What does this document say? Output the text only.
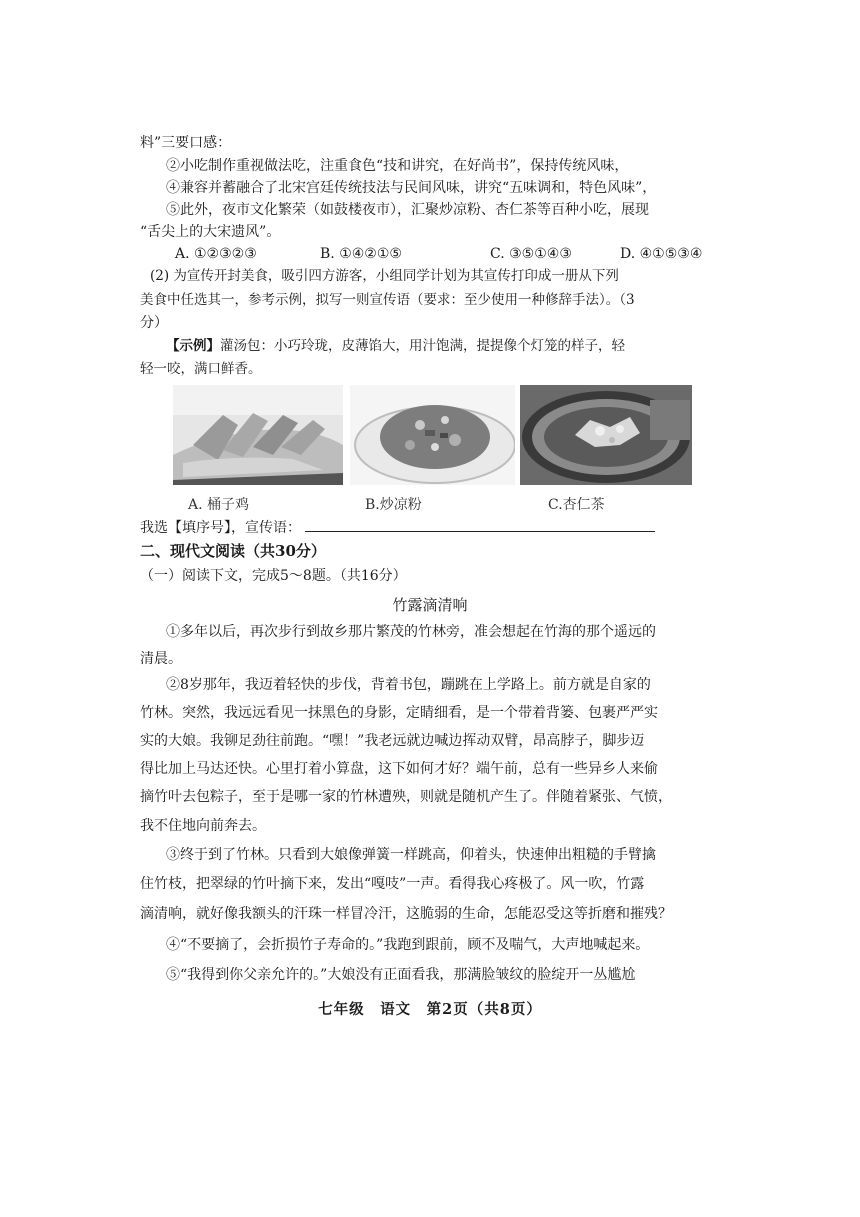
料”三要口感：
②小吃制作重视做法吃，注重食色“技和讲究，在好尚书”，保持传统风味，
④兼容并蓄融合了北宋宫廷传统技法与民间风味，讲究“五味调和，特色风味”，
⑤此外，夜市文化繁荣（如鼓楼夜市），汇聚炒凉粉、杏仁茶等百种小吃，展现
“舌尖上的大宋遗风”。
A. ①②③②③	B. ①④②①⑤	C. ③⑤①④③	D. ④①⑤③④
(2) 为宣传开封美食，吸引四方游客，小组同学计划为其宣传打印成一册从下列
美食中任选其一，参考示例，拟写一则宣传语（要求：至少使用一种修辞手法）。（3
分）
【示例】灌汤包：小巧玲珑，皮薄馅大，用汁饱满，提提像个灯笼的样子，轻
轻一咬，满口鲜香。
A. 桶子鸡	B.炒凉粉	C.杏仁茶
我选【填序号】，宣传语：
二、现代文阅读（共30分）
（一）阅读下文，完成5～8题。（共16分）
竹露滴清响
①多年以后，再次步行到故乡那片繁茂的竹林旁，准会想起在竹海的那个遥远的
清晨。
②8岁那年，我迈着轻快的步伐，背着书包，蹦跳在上学路上。前方就是自家的
竹林。突然，我远远看见一抹黑色的身影，定睛细看，是一个带着背篓、包裹严严实
实的大娘。我铆足劲往前跑。“嘿！”我老远就边喊边挥动双臂，昂高脖子，脚步迈
得比加上马达还快。心里打着小算盘，这下如何才好？端午前，总有一些异乡人来偷
摘竹叶去包粽子，至于是哪一家的竹林遭殃，则就是随机产生了。伴随着紧张、气愤，
我不住地向前奔去。
③终于到了竹林。只看到大娘像弹簧一样跳高，仰着头，快速伸出粗糙的手臂擒
住竹枝，把翠绿的竹叶摘下来，发出“嘎吱”一声。看得我心疼极了。风一吹，竹露
滴清响，就好像我额头的汗珠一样冒冷汗，这脆弱的生命，怎能忍受这等折磨和摧残？
④“不要摘了，会折损竹子寿命的。”我跑到跟前，顾不及喘气，大声地喊起来。
⑤“我得到你父亲允许的。”大娘没有正面看我，那满脸皱纹的脸绽开一丛尴尬
七年级　语文　第2页（共8页）
